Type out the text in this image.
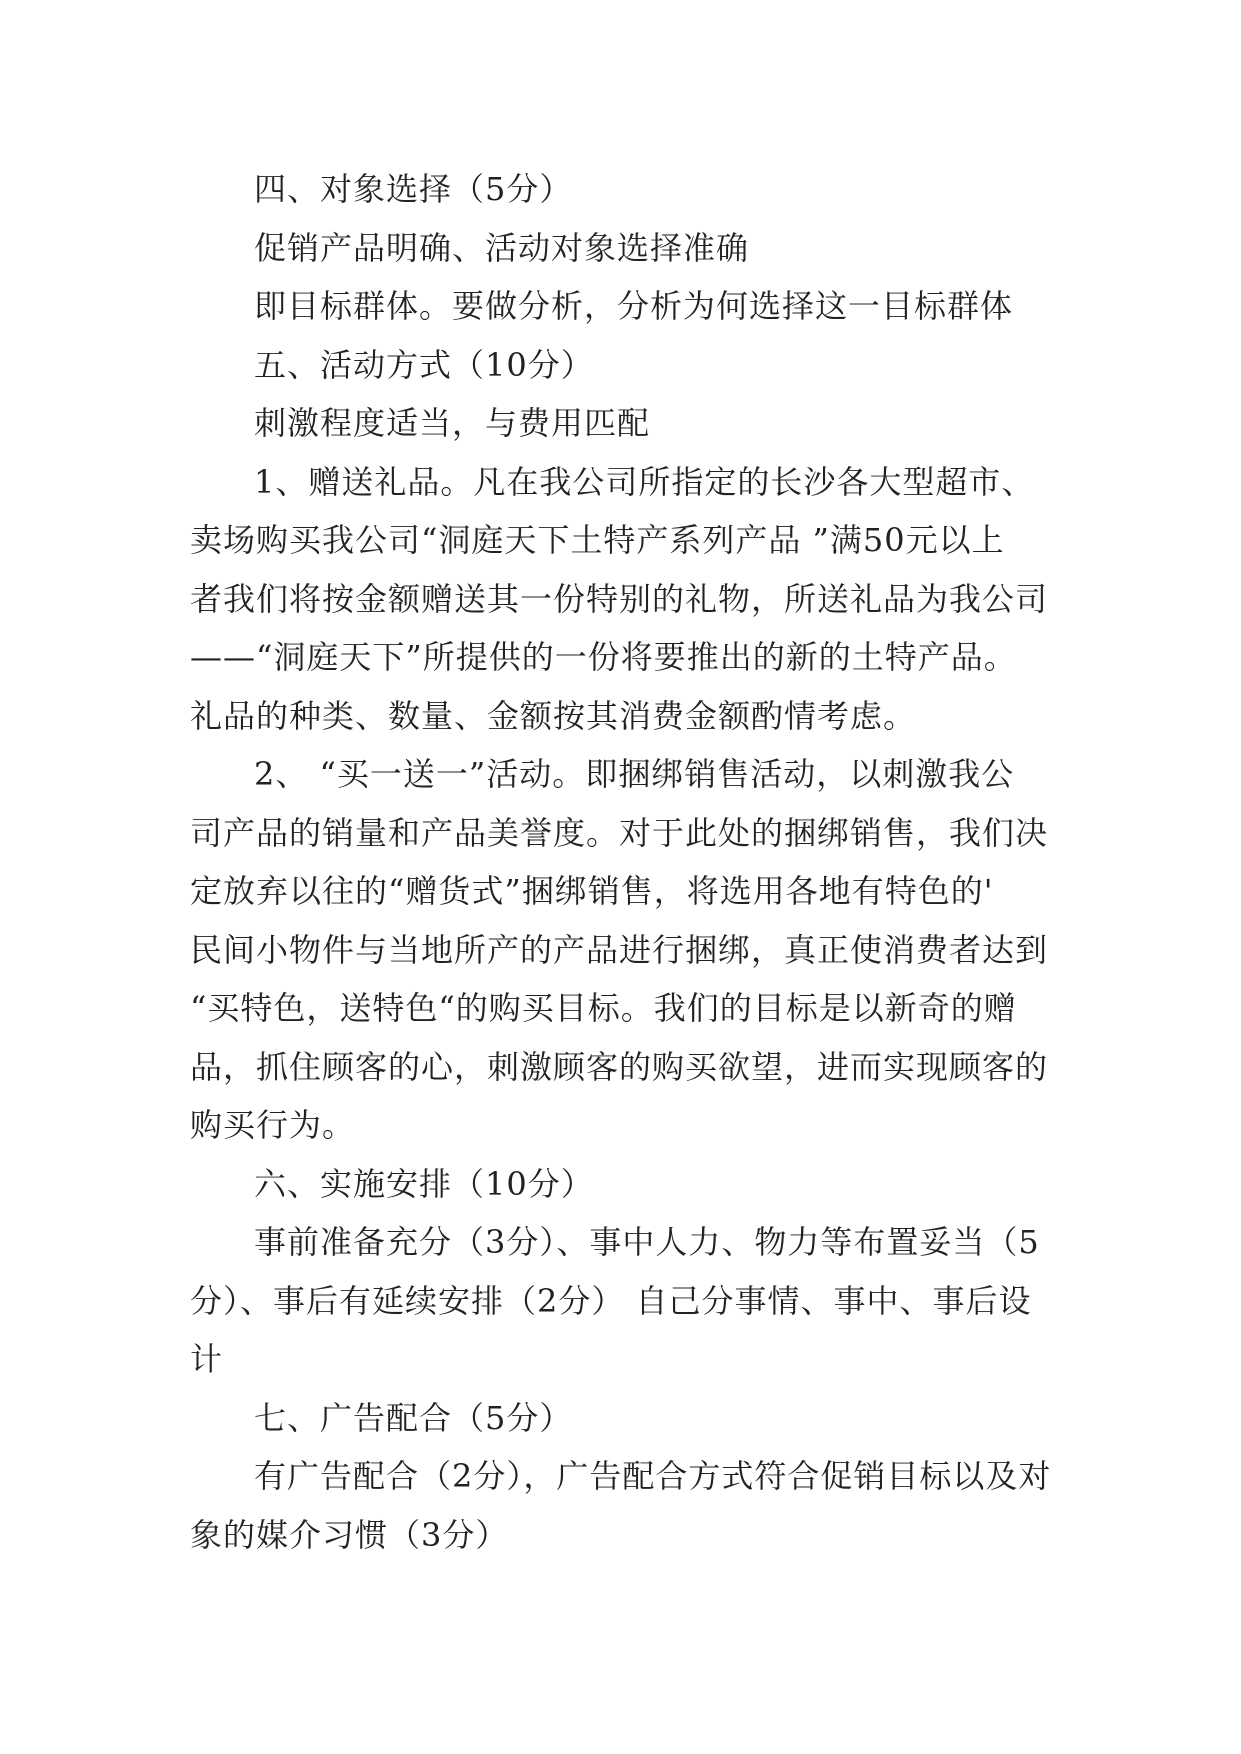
四、对象选择（5分）
促销产品明确、活动对象选择准确
即目标群体。要做分析，分析为何选择这一目标群体
五、活动方式（10分）
刺激程度适当，与费用匹配
1、赠送礼品。凡在我公司所指定的长沙各大型超市、
卖场购买我公司“洞庭天下土特产系列产品 ”满50元以上
者我们将按金额赠送其一份特别的礼物，所送礼品为我公司
——“洞庭天下”所提供的一份将要推出的新的土特产品。
礼品的种类、数量、金额按其消费金额酌情考虑。
2、 “买一送一”活动。即捆绑销售活动，以刺激我公
司产品的销量和产品美誉度。对于此处的捆绑销售，我们决
定放弃以往的“赠货式”捆绑销售，将选用各地有特色的'
民间小物件与当地所产的产品进行捆绑，真正使消费者达到
“买特色，送特色“的购买目标。我们的目标是以新奇的赠
品，抓住顾客的心，刺激顾客的购买欲望，进而实现顾客的
购买行为。
六、实施安排（10分）
事前准备充分（3分）、事中人力、物力等布置妥当（5
分）、事后有延续安排（2分） 自己分事情、事中、事后设
计
七、广告配合（5分）
有广告配合（2分），广告配合方式符合促销目标以及对
象的媒介习惯（3分）
